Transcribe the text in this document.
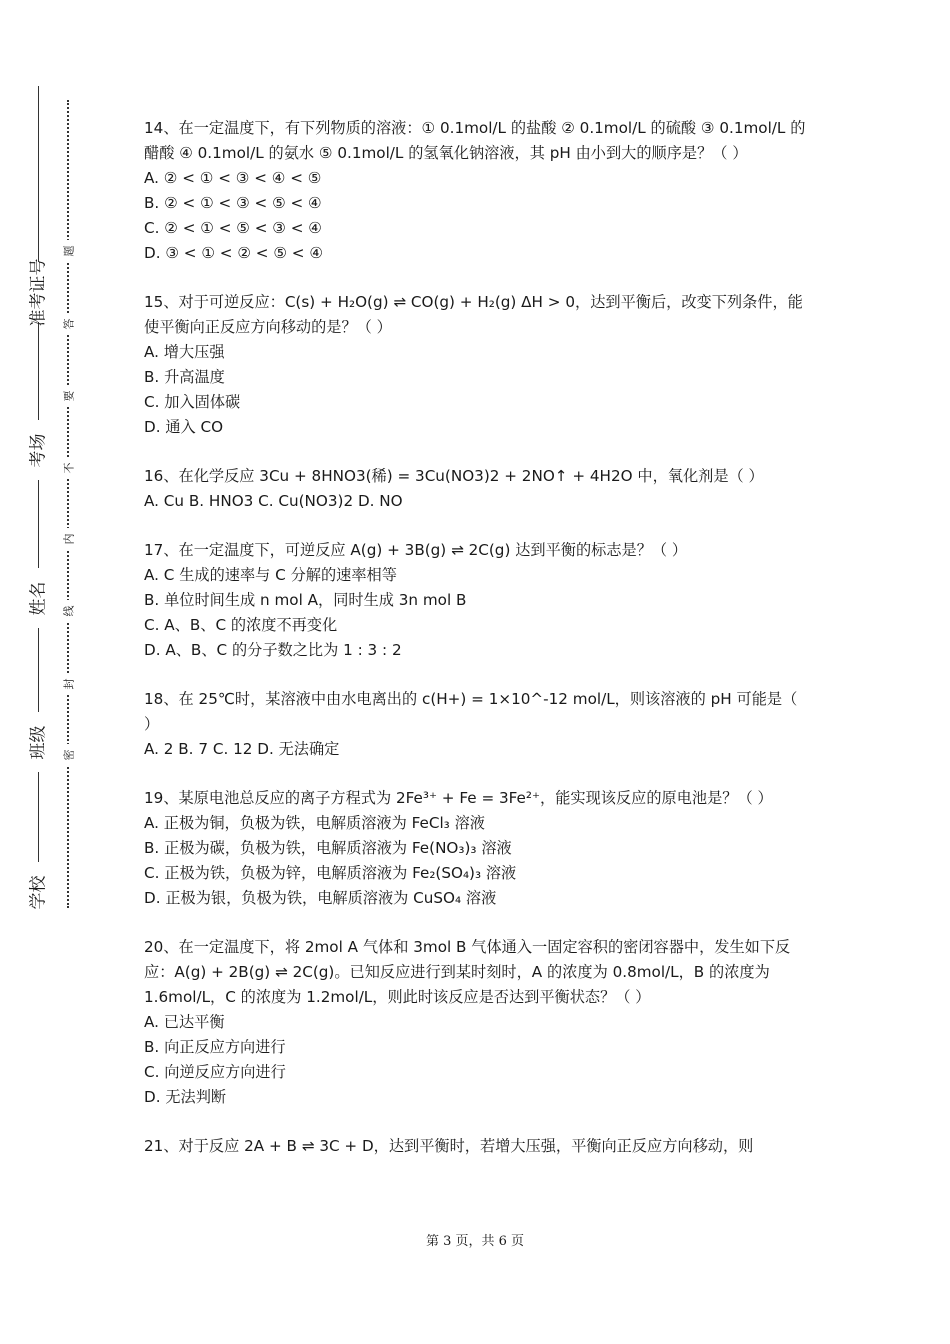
准考证号
考场
姓名
班级
学校
题
答
要
不
内
线
封
密
14、在一定温度下，有下列物质的溶液：① 0.1mol/L 的盐酸 ② 0.1mol/L 的硫酸 ③ 0.1mol/L 的醋酸 ④ 0.1mol/L 的氨水 ⑤ 0.1mol/L 的氢氧化钠溶液，其 pH 由小到大的顺序是？（ ）
A. ② < ① < ③ < ④ < ⑤
B. ② < ① < ③ < ⑤ < ④
C. ② < ① < ⑤ < ③ < ④
D. ③ < ① < ② < ⑤ < ④
15、对于可逆反应：C(s) + H₂O(g) ⇌ CO(g) + H₂(g) ΔH > 0，达到平衡后，改变下列条件，能使平衡向正反应方向移动的是？（ ）
A. 增大压强
B. 升高温度
C. 加入固体碳
D. 通入 CO
16、在化学反应 3Cu + 8HNO3(稀) = 3Cu(NO3)2 + 2NO↑ + 4H2O 中，氧化剂是（ ）
A. Cu B. HNO3 C. Cu(NO3)2 D. NO
17、在一定温度下，可逆反应 A(g) + 3B(g) ⇌ 2C(g) 达到平衡的标志是？（ ）
A. C 生成的速率与 C 分解的速率相等
B. 单位时间生成 n mol A，同时生成 3n mol B
C. A、B、C 的浓度不再变化
D. A、B、C 的分子数之比为 1 : 3 : 2
18、在 25℃时，某溶液中由水电离出的 c(H+) = 1×10^-12 mol/L，则该溶液的 pH 可能是（ ）
A. 2 B. 7 C. 12 D. 无法确定
19、某原电池总反应的离子方程式为 2Fe³⁺ + Fe = 3Fe²⁺，能实现该反应的原电池是？（ ）
A. 正极为铜，负极为铁，电解质溶液为 FeCl₃ 溶液
B. 正极为碳，负极为铁，电解质溶液为 Fe(NO₃)₃ 溶液
C. 正极为铁，负极为锌，电解质溶液为 Fe₂(SO₄)₃ 溶液
D. 正极为银，负极为铁，电解质溶液为 CuSO₄ 溶液
20、在一定温度下，将 2mol A 气体和 3mol B 气体通入一固定容积的密闭容器中，发生如下反应：A(g) + 2B(g) ⇌ 2C(g)。已知反应进行到某时刻时，A 的浓度为 0.8mol/L，B 的浓度为 1.6mol/L，C 的浓度为 1.2mol/L，则此时该反应是否达到平衡状态？（ ）
A. 已达平衡
B. 向正反应方向进行
C. 向逆反应方向进行
D. 无法判断
21、对于反应 2A + B ⇌ 3C + D，达到平衡时，若增大压强，平衡向正反应方向移动，则
第 3 页，共 6 页
